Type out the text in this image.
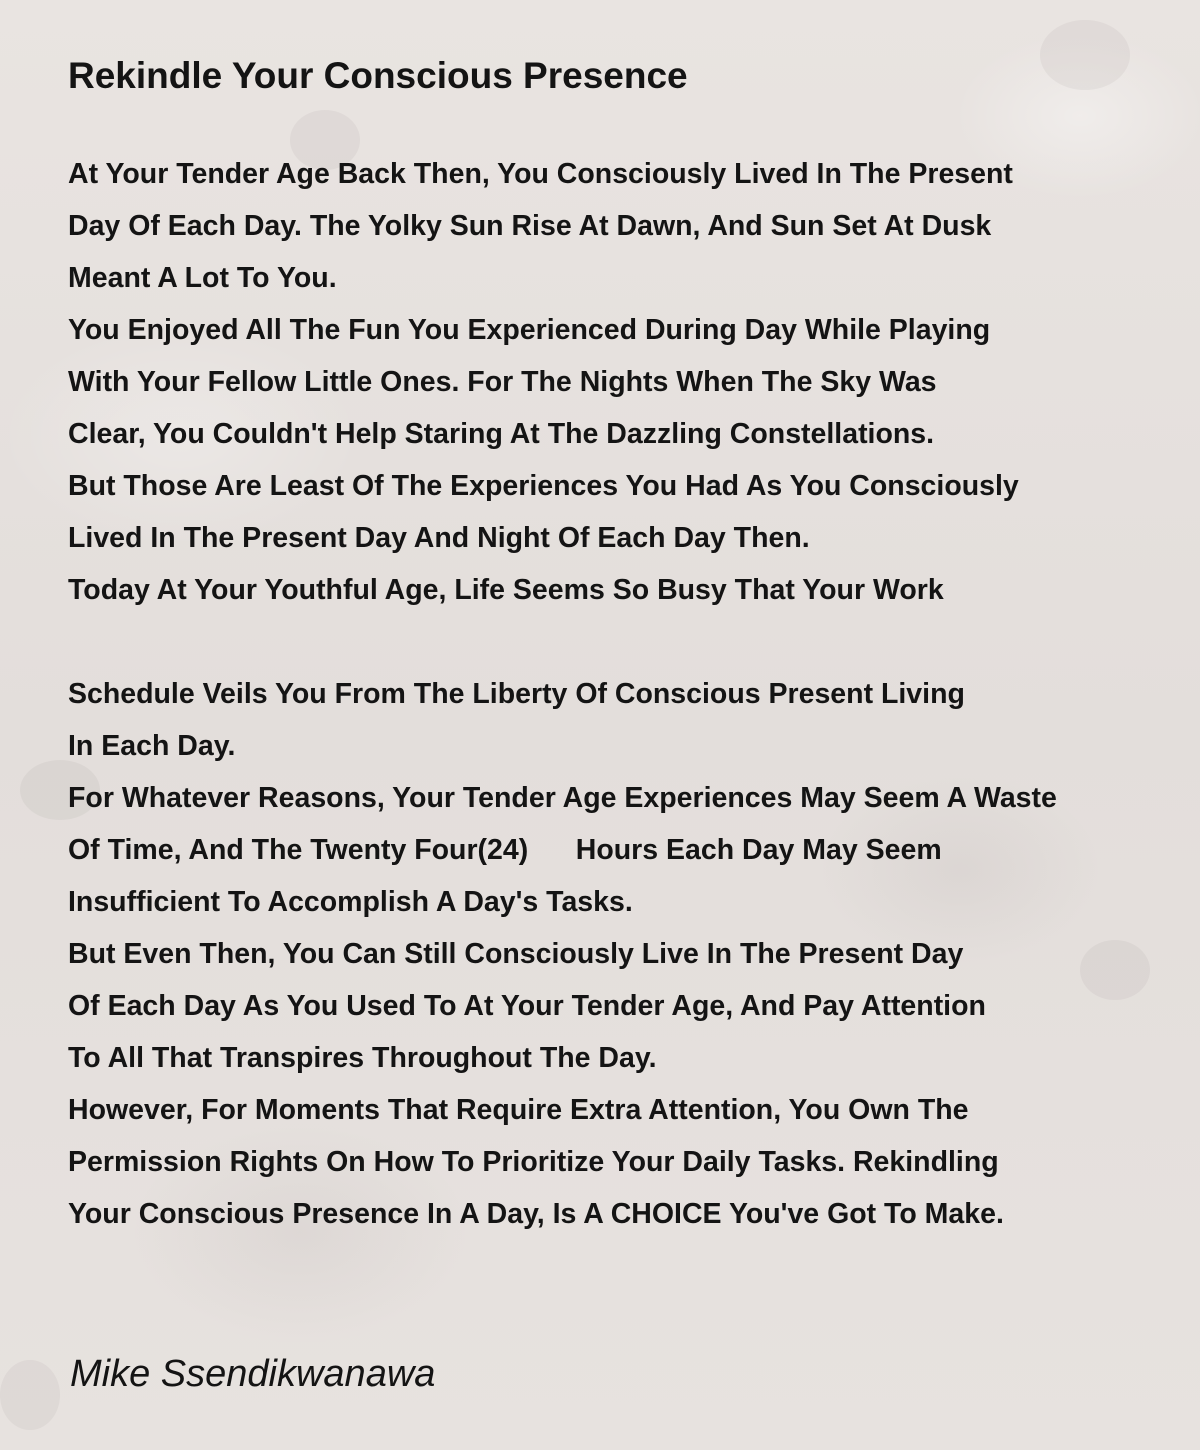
Rekindle Your Conscious Presence
At Your Tender Age Back Then, You Consciously Lived In The Present
Day Of Each Day. The Yolky Sun Rise At Dawn, And Sun Set At Dusk
Meant A Lot To You.
You Enjoyed All The Fun You Experienced During Day While Playing
With Your Fellow Little Ones. For The Nights When The Sky Was
Clear, You Couldn't Help Staring At The Dazzling Constellations.
But Those Are Least Of The Experiences You Had As You Consciously
Lived In The Present Day And Night Of Each Day Then.
Today At Your Youthful Age, Life Seems So Busy That Your Work
Schedule Veils You From The Liberty Of Conscious Present Living
In Each Day.
For Whatever Reasons, Your Tender Age Experiences May Seem A Waste
Of Time, And The Twenty Four(24)      Hours Each Day May Seem
Insufficient To Accomplish A Day's Tasks.
But Even Then, You Can Still Consciously Live In The Present Day
Of Each Day As You Used To At Your Tender Age, And Pay Attention
To All That Transpires Throughout The Day.
However, For Moments That Require Extra Attention, You Own The
Permission Rights On How To Prioritize Your Daily Tasks. Rekindling
Your Conscious Presence In A Day, Is A CHOICE You've Got To Make.

Mike Ssendikwanawa
